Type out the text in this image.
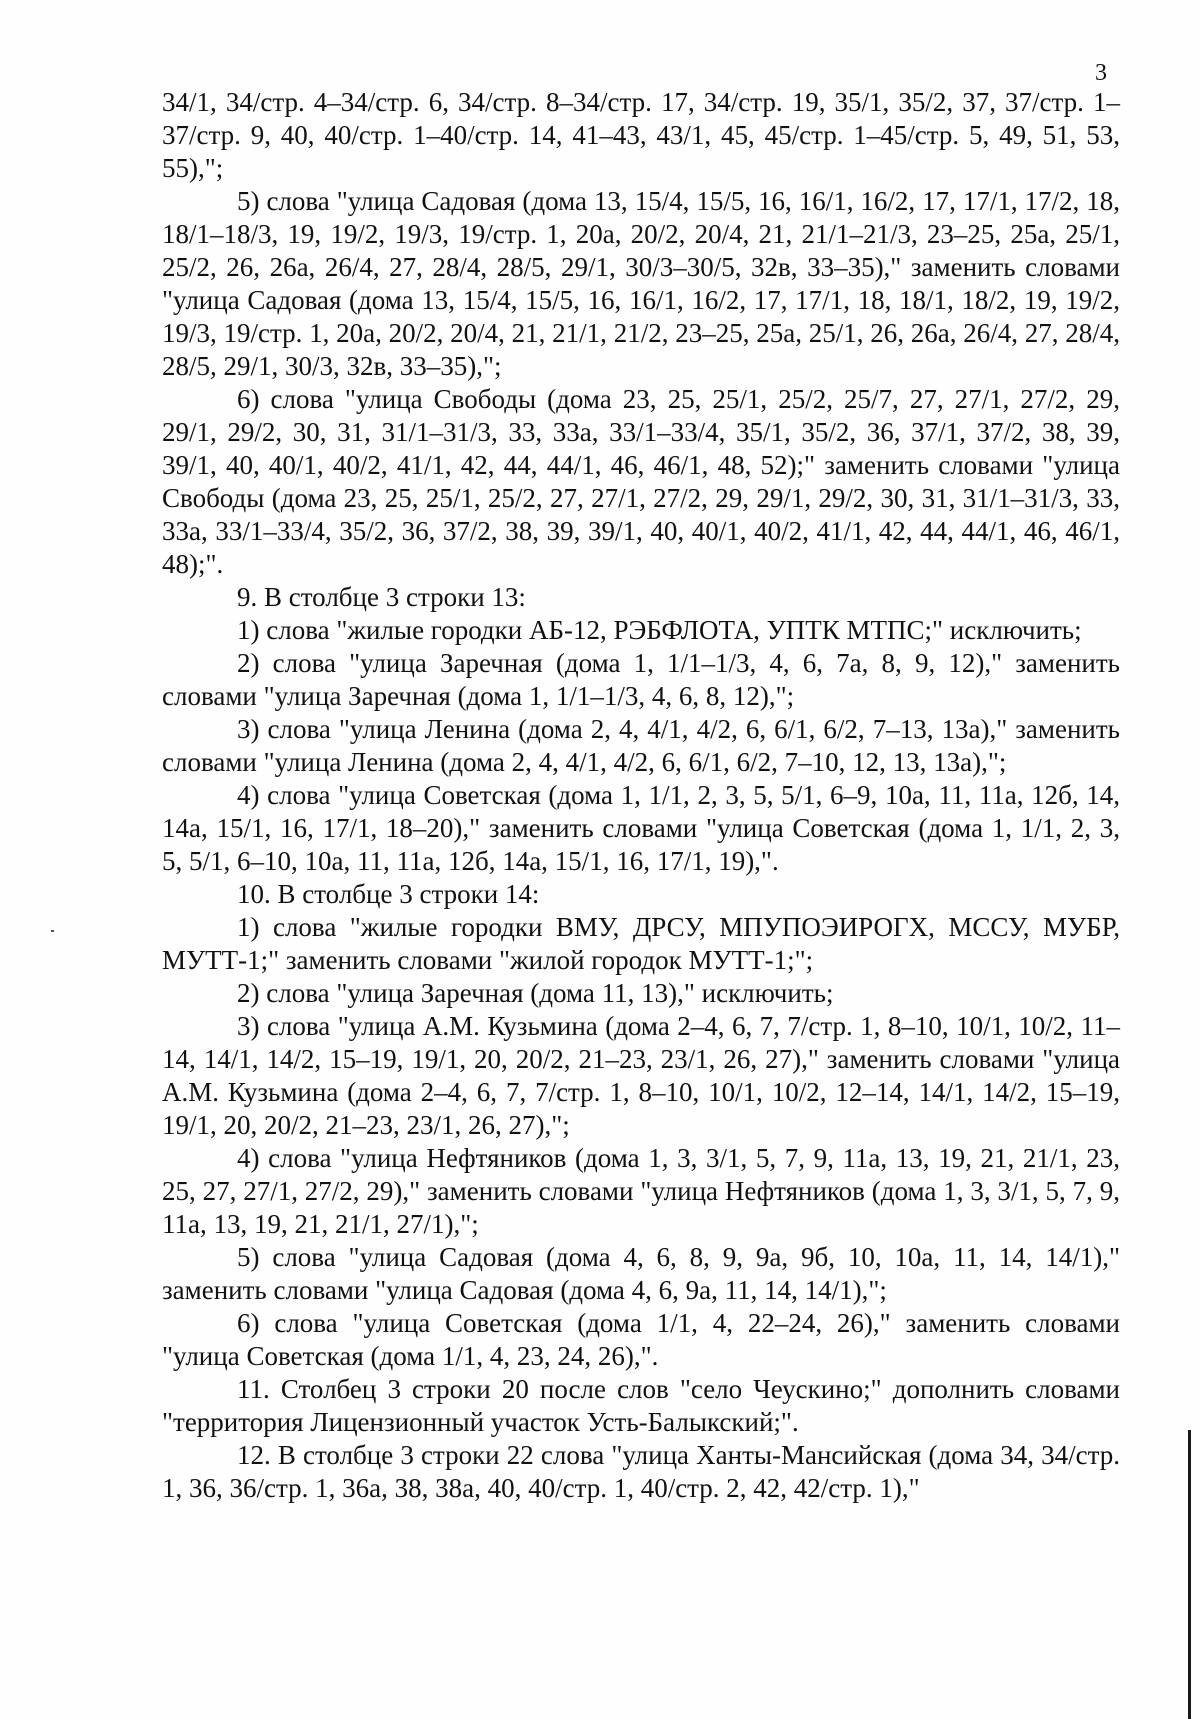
3

34/1, 34/стр. 4–34/стр. 6, 34/стр. 8–34/стр. 17, 34/стр. 19, 35/1, 35/2, 37, 37/стр. 1–37/стр. 9, 40, 40/стр. 1–40/стр. 14, 41–43, 43/1, 45, 45/стр. 1–45/стр. 5, 49, 51, 53, 55),";

5) слова "улица Садовая (дома 13, 15/4, 15/5, 16, 16/1, 16/2, 17, 17/1, 17/2, 18, 18/1–18/3, 19, 19/2, 19/3, 19/стр. 1, 20а, 20/2, 20/4, 21, 21/1–21/3, 23–25, 25а, 25/1, 25/2, 26, 26а, 26/4, 27, 28/4, 28/5, 29/1, 30/3–30/5, 32в, 33–35)," заменить словами "улица Садовая (дома 13, 15/4, 15/5, 16, 16/1, 16/2, 17, 17/1, 18, 18/1, 18/2, 19, 19/2, 19/3, 19/стр. 1, 20а, 20/2, 20/4, 21, 21/1, 21/2, 23–25, 25а, 25/1, 26, 26а, 26/4, 27, 28/4, 28/5, 29/1, 30/3, 32в, 33–35),";

6) слова "улица Свободы (дома 23, 25, 25/1, 25/2, 25/7, 27, 27/1, 27/2, 29, 29/1, 29/2, 30, 31, 31/1–31/3, 33, 33а, 33/1–33/4, 35/1, 35/2, 36, 37/1, 37/2, 38, 39, 39/1, 40, 40/1, 40/2, 41/1, 42, 44, 44/1, 46, 46/1, 48, 52);" заменить словами "улица Свободы (дома 23, 25, 25/1, 25/2, 27, 27/1, 27/2, 29, 29/1, 29/2, 30, 31, 31/1–31/3, 33, 33а, 33/1–33/4, 35/2, 36, 37/2, 38, 39, 39/1, 40, 40/1, 40/2, 41/1, 42, 44, 44/1, 46, 46/1, 48);".

9. В столбце 3 строки 13:

1) слова "жилые городки АБ-12, РЭБФЛОТА, УПТК МТПС;" исключить;

2) слова "улица Заречная (дома 1, 1/1–1/3, 4, 6, 7а, 8, 9, 12)," заменить словами "улица Заречная (дома 1, 1/1–1/3, 4, 6, 8, 12),";

3) слова "улица Ленина (дома 2, 4, 4/1, 4/2, 6, 6/1, 6/2, 7–13, 13а)," заменить словами "улица Ленина (дома 2, 4, 4/1, 4/2, 6, 6/1, 6/2, 7–10, 12, 13, 13а),";

4) слова "улица Советская (дома 1, 1/1, 2, 3, 5, 5/1, 6–9, 10а, 11, 11а, 12б, 14, 14а, 15/1, 16, 17/1, 18–20)," заменить словами "улица Советская (дома 1, 1/1, 2, 3, 5, 5/1, 6–10, 10а, 11, 11а, 12б, 14а, 15/1, 16, 17/1, 19),".

10. В столбце 3 строки 14:

1) слова "жилые городки ВМУ, ДРСУ, МПУПОЭИРОГХ, МССУ, МУБР, МУТТ-1;" заменить словами "жилой городок МУТТ-1;";

2) слова "улица Заречная (дома 11, 13)," исключить;

3) слова "улица А.М. Кузьмина (дома 2–4, 6, 7, 7/стр. 1, 8–10, 10/1, 10/2, 11–14, 14/1, 14/2, 15–19, 19/1, 20, 20/2, 21–23, 23/1, 26, 27)," заменить словами "улица А.М. Кузьмина (дома 2–4, 6, 7, 7/стр. 1, 8–10, 10/1, 10/2, 12–14, 14/1, 14/2, 15–19, 19/1, 20, 20/2, 21–23, 23/1, 26, 27),";

4) слова "улица Нефтяников (дома 1, 3, 3/1, 5, 7, 9, 11а, 13, 19, 21, 21/1, 23, 25, 27, 27/1, 27/2, 29)," заменить словами "улица Нефтяников (дома 1, 3, 3/1, 5, 7, 9, 11а, 13, 19, 21, 21/1, 27/1),";

5) слова "улица Садовая (дома 4, 6, 8, 9, 9а, 9б, 10, 10а, 11, 14, 14/1)," заменить словами "улица Садовая (дома 4, 6, 9а, 11, 14, 14/1),";

6) слова "улица Советская (дома 1/1, 4, 22–24, 26)," заменить словами "улица Советская (дома 1/1, 4, 23, 24, 26),".

11. Столбец 3 строки 20 после слов "село Чеускино;" дополнить словами "территория Лицензионный участок Усть-Балыкский;".

12. В столбце 3 строки 22 слова "улица Ханты-Мансийская (дома 34, 34/стр. 1, 36, 36/стр. 1, 36а, 38, 38а, 40, 40/стр. 1, 40/стр. 2, 42, 42/стр. 1),"
